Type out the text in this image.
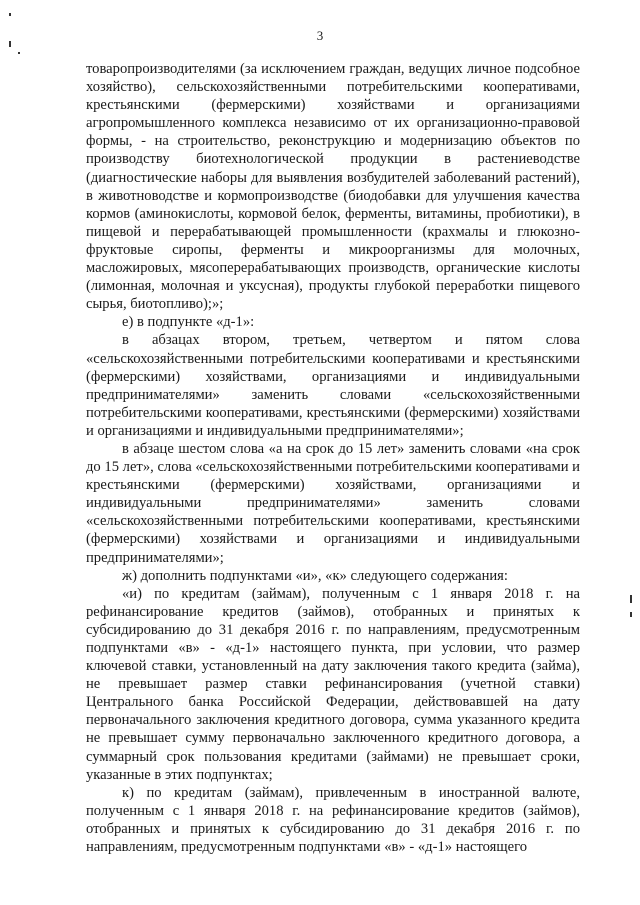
3

товаропроизводителями (за исключением граждан, ведущих личное подсобное хозяйство), сельскохозяйственными потребительскими кооперативами, крестьянскими (фермерскими) хозяйствами и организациями агропромышленного комплекса независимо от их организационно-правовой формы, - на строительство, реконструкцию и модернизацию объектов по производству биотехнологической продукции в растениеводстве (диагностические наборы для выявления возбудителей заболеваний растений), в животноводстве и кормопроизводстве (биодобавки для улучшения качества кормов (аминокислоты, кормовой белок, ферменты, витамины, пробиотики), в пищевой и перерабатывающей промышленности (крахмалы и глюкозно-фруктовые сиропы, ферменты и микроорганизмы для молочных, масложировых, мясоперерабатывающих производств, органические кислоты (лимонная, молочная и уксусная), продукты глубокой переработки пищевого сырья, биотопливо);»;

е) в подпункте «д-1»:

в абзацах втором, третьем, четвертом и пятом слова «сельскохозяйственными потребительскими кооперативами и крестьянскими (фермерскими) хозяйствами, организациями и индивидуальными предпринимателями» заменить словами «сельскохозяйственными потребительскими кооперативами, крестьянскими (фермерскими) хозяйствами и организациями и индивидуальными предпринимателями»;

в абзаце шестом слова «а на срок до 15 лет» заменить словами «на срок до 15 лет», слова «сельскохозяйственными потребительскими кооперативами и крестьянскими (фермерскими) хозяйствами, организациями и индивидуальными предпринимателями» заменить словами «сельскохозяйственными потребительскими кооперативами, крестьянскими (фермерскими) хозяйствами и организациями и индивидуальными предпринимателями»;

ж) дополнить подпунктами «и», «к» следующего содержания:

«и) по кредитам (займам), полученным с 1 января 2018 г. на рефинансирование кредитов (займов), отобранных и принятых к субсидированию до 31 декабря 2016 г. по направлениям, предусмотренным подпунктами «в» - «д-1» настоящего пункта, при условии, что размер ключевой ставки, установленный на дату заключения такого кредита (займа), не превышает размер ставки рефинансирования (учетной ставки) Центрального банка Российской Федерации, действовавшей на дату первоначального заключения кредитного договора, сумма указанного кредита не превышает сумму первоначально заключенного кредитного договора, а суммарный срок пользования кредитами (займами) не превышает сроки, указанные в этих подпунктах;

к) по кредитам (займам), привлеченным в иностранной валюте, полученным с 1 января 2018 г. на рефинансирование кредитов (займов), отобранных и принятых к субсидированию до 31 декабря 2016 г. по направлениям, предусмотренным подпунктами «в» - «д-1» настоящего
